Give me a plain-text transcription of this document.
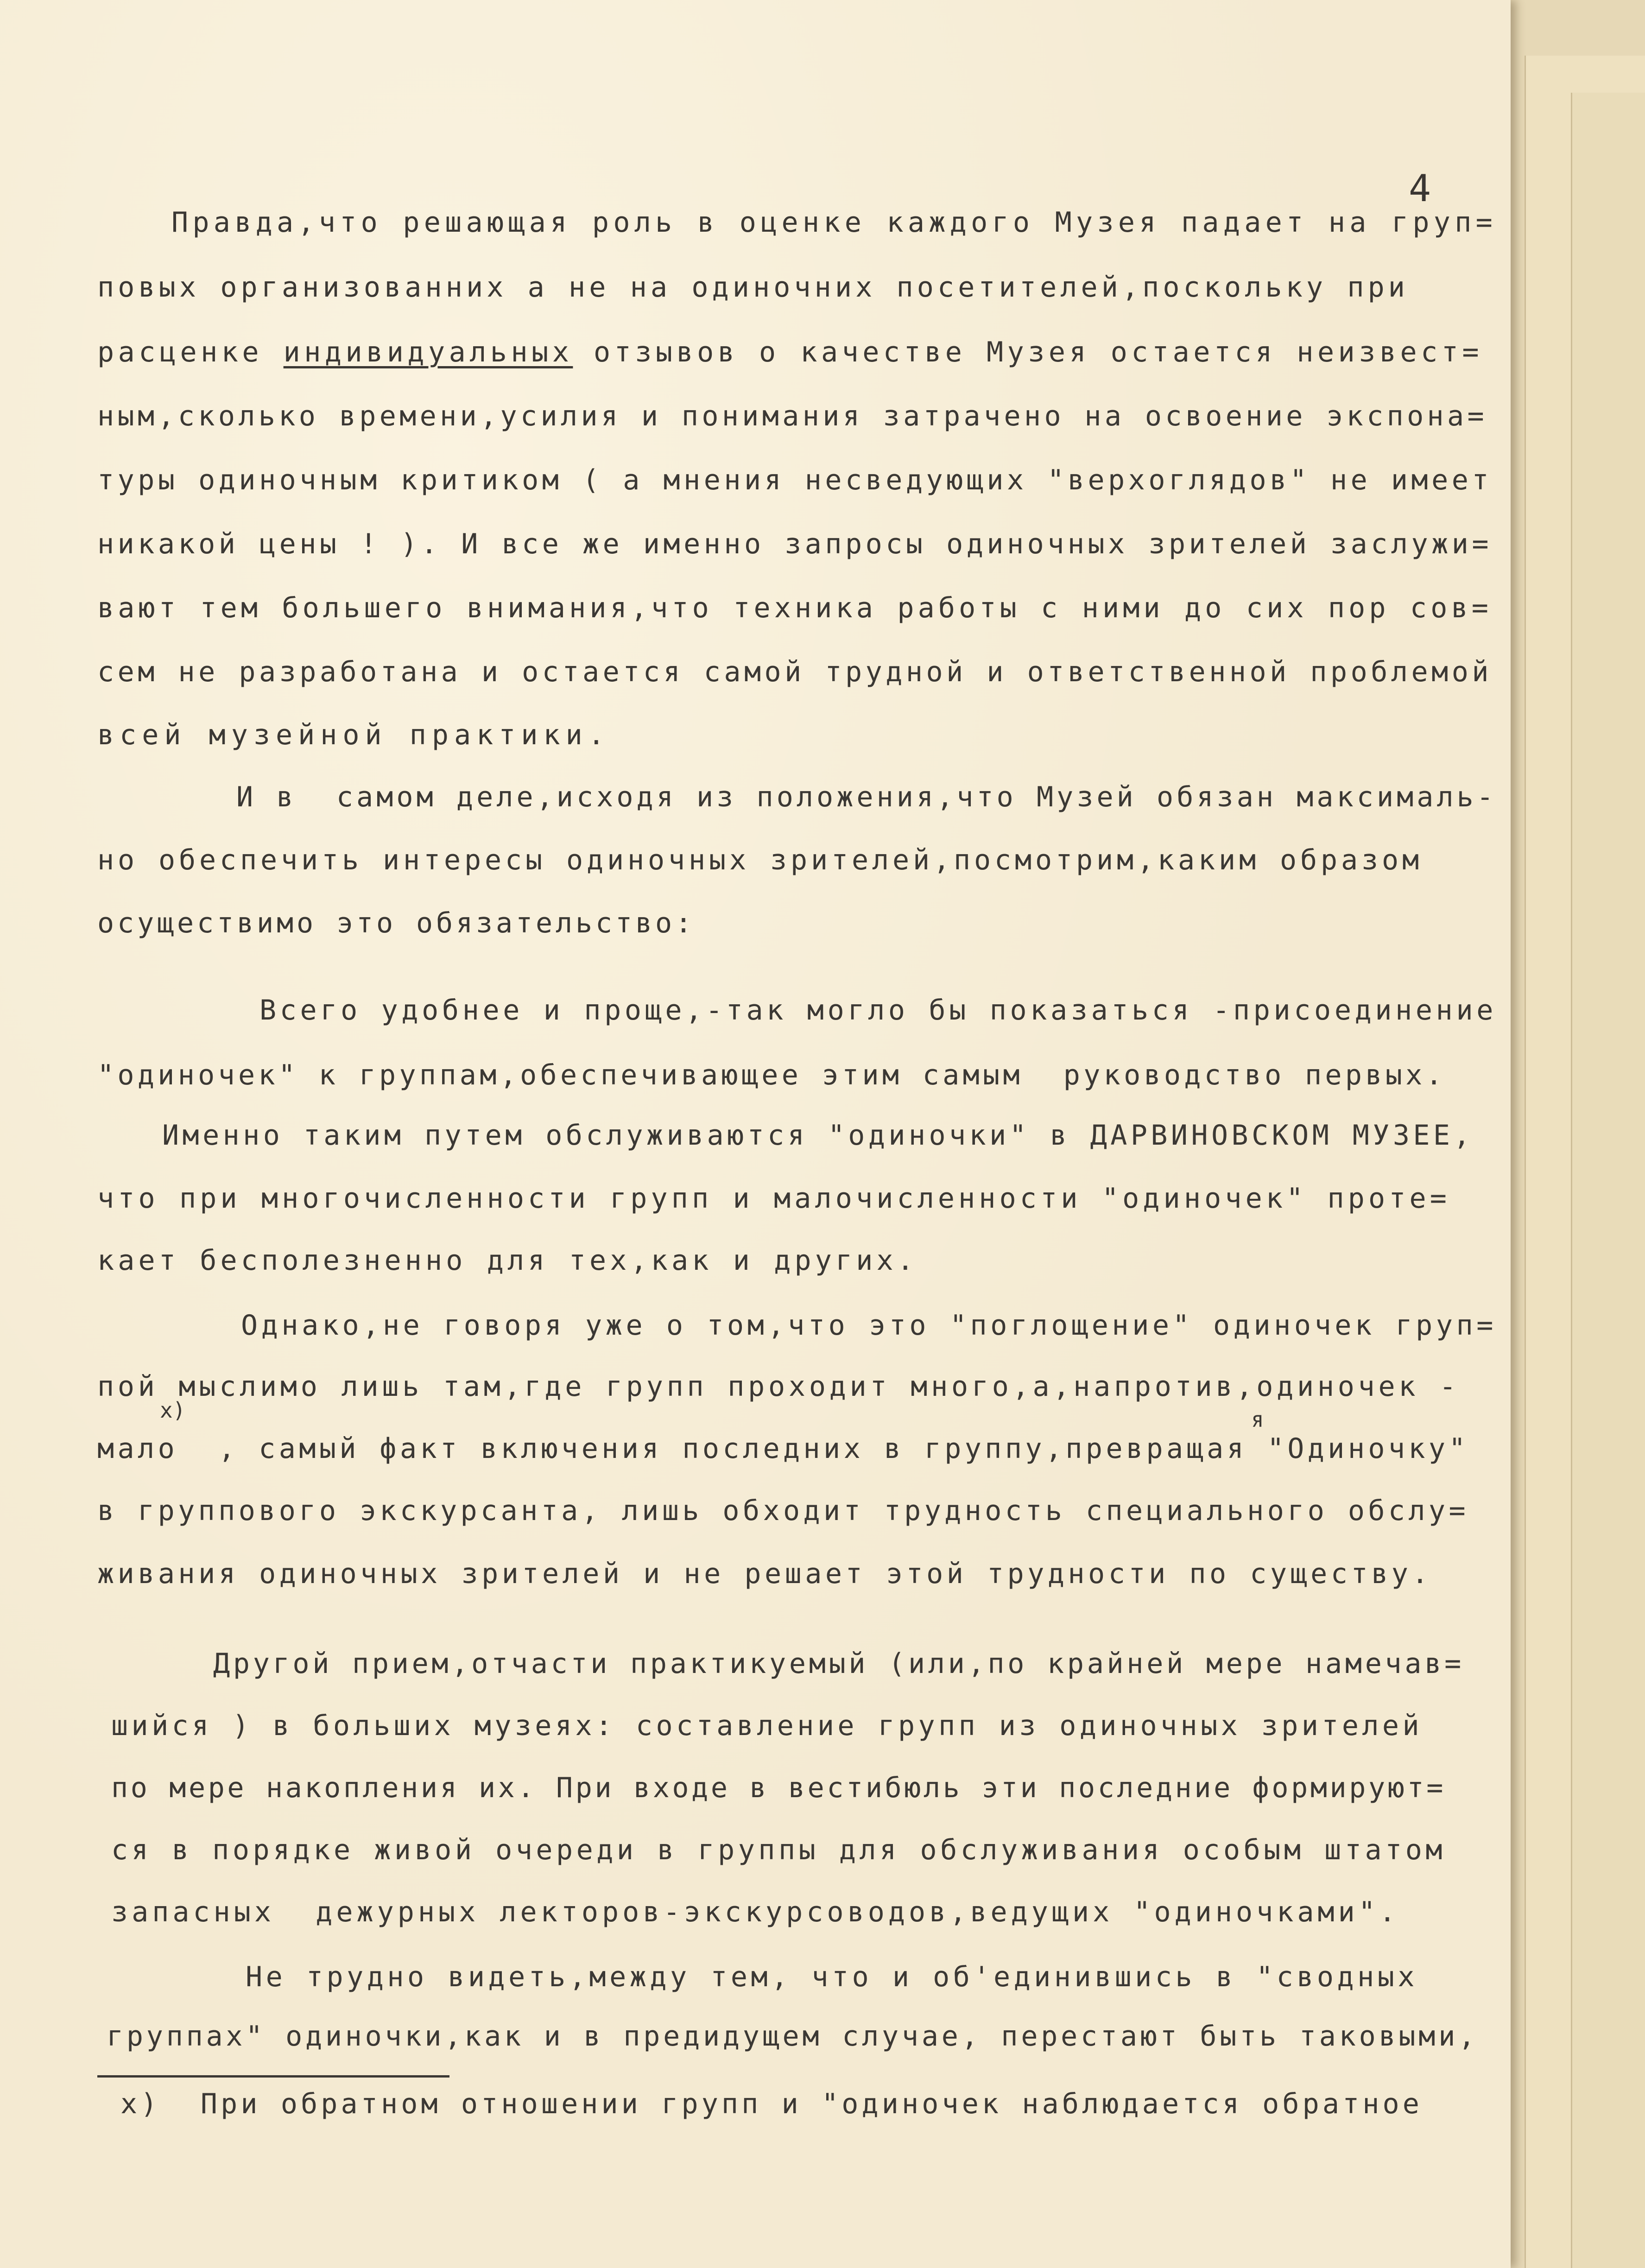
4
Правда,что решающая роль в оценке каждого Музея падает на груп=
повых организованних а не на одиночних посетителей,поскольку при
расценке индивидуальных отзывов о качестве Музея остается неизвест=
ным,сколько времени,усилия и понимания затрачено на освоение экспона=
туры одиночным критиком ( а мнения несведующих "верхоглядов" не имеет
никакой цены ! ). И все же именно запросы одиночных зрителей заслужи=
вают тем большего внимания,что техника работы с ними до сих пор сов=
сем не разработана и остается самой трудной и ответственной проблемой
всей музейной практики.
И в  самом деле,исходя из положения,что Музей обязан максималь-
но обеспечить интересы одиночных зрителей,посмотрим,каким образом
осуществимо это обязательство:
Всего удобнее и проще,-так могло бы показаться -присоединение
"одиночек" к группам,обеспечивающее этим самым  руководство первых.
Именно таким путем обслуживаются "одиночки" в ДАРВИНОВСКОМ МУЗЕЕ,
что при многочисленности групп и малочисленности "одиночек" проте=
кает бесполезненно для тех,как и других.
Однако,не говоря уже о том,что это "поглощение" одиночек груп=
пой мыслимо лишь там,где групп проходит много,а,напротив,одиночек -
x)	я
мало  , самый факт включения последних в группу,превращая "Одиночку"
в группового экскурсанта, лишь обходит трудность специального обслу=
живания одиночных зрителей и не решает этой трудности по существу.
Другой прием,отчасти практикуемый (или,по крайней мере намечав=
шийся ) в больших музеях: составление групп из одиночных зрителей
по мере накопления их. При входе в вестибюль эти последние формируют=
ся в порядке живой очереди в группы для обслуживания особым штатом
запасных  дежурных лекторов-экскурсоводов,ведущих "одиночками".
Не трудно видеть,между тем, что и об'единившись в "сводных
группах" одиночки,как и в предидущем случае, перестают быть таковыми,
x)  При обратном отношении групп и "одиночек наблюдается обратное
